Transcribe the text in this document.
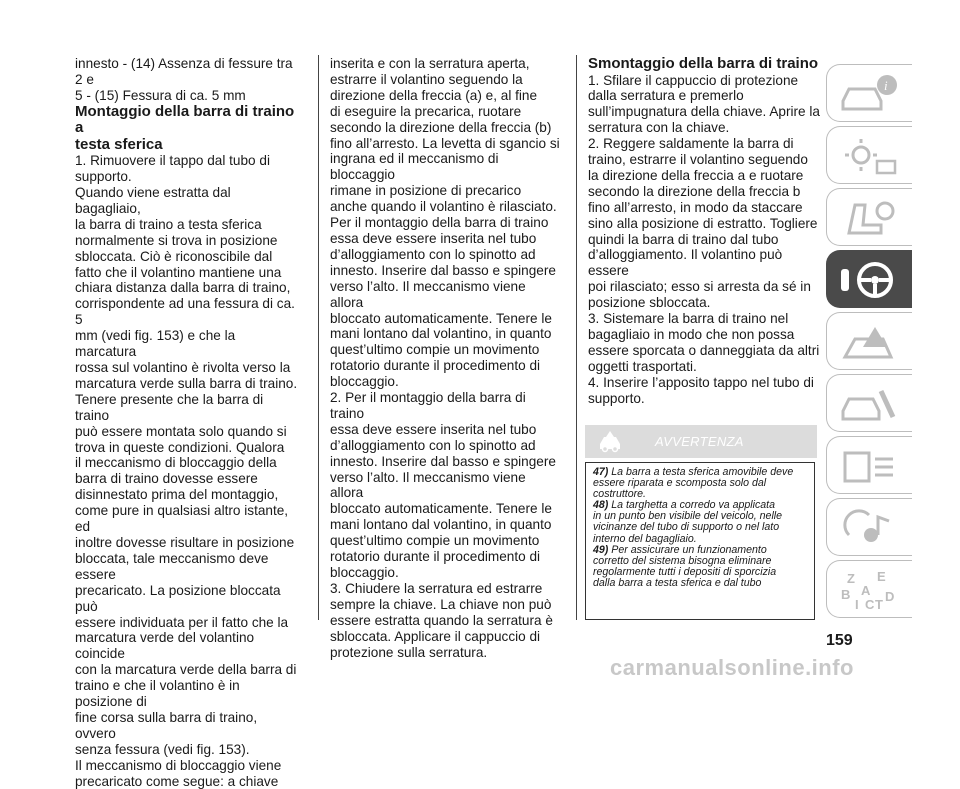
innesto - (14) Assenza di fessure tra 2 e
5 - (15) Fessura di ca. 5 mm

Montaggio della barra di traino a
testa sferica

1. Rimuovere il tappo dal tubo di
supporto.
Quando viene estratta dal bagagliaio,
la barra di traino a testa sferica
normalmente si trova in posizione
sbloccata. Ciò è riconoscibile dal
fatto che il volantino mantiene una
chiara distanza dalla barra di traino,
corrispondente ad una fessura di ca. 5
mm (vedi fig. 153) e che la marcatura
rossa sul volantino è rivolta verso la
marcatura verde sulla barra di traino.
Tenere presente che la barra di traino
può essere montata solo quando si
trova in queste condizioni. Qualora
il meccanismo di bloccaggio della
barra di traino dovesse essere
disinnestato prima del montaggio,
come pure in qualsiasi altro istante, ed
inoltre dovesse risultare in posizione
bloccata, tale meccanismo deve essere
precaricato. La posizione bloccata può
essere individuata per il fatto che la
marcatura verde del volantino coincide
con la marcatura verde della barra di
traino e che il volantino è in posizione di
fine corsa sulla barra di traino, ovvero
senza fessura (vedi fig. 153).
Il meccanismo di bloccaggio viene
precaricato come segue: a chiave

inserita e con la serratura aperta,
estrarre il volantino seguendo la
direzione della freccia (a) e, al fine
di eseguire la precarica, ruotare
secondo la direzione della freccia (b)
fino all’arresto. La levetta di sgancio si
ingrana ed il meccanismo di bloccaggio
rimane in posizione di precarico
anche quando il volantino è rilasciato.
Per il montaggio della barra di traino
essa deve essere inserita nel tubo
d’alloggiamento con lo spinotto ad
innesto. Inserire dal basso e spingere
verso l’alto. Il meccanismo viene allora
bloccato automaticamente. Tenere le
mani lontano dal volantino, in quanto
quest’ultimo compie un movimento
rotatorio durante il procedimento di
bloccaggio.
2. Per il montaggio della barra di traino
essa deve essere inserita nel tubo
d’alloggiamento con lo spinotto ad
innesto. Inserire dal basso e spingere
verso l’alto. Il meccanismo viene allora
bloccato automaticamente. Tenere le
mani lontano dal volantino, in quanto
quest’ultimo compie un movimento
rotatorio durante il procedimento di
bloccaggio.
3. Chiudere la serratura ed estrarre
sempre la chiave. La chiave non può
essere estratta quando la serratura è
sbloccata. Applicare il cappuccio di
protezione sulla serratura.

Smontaggio della barra di traino

1. Sfilare il cappuccio di protezione
dalla serratura e premerlo
sull’impugnatura della chiave. Aprire la
serratura con la chiave.
2. Reggere saldamente la barra di
traino, estrarre il volantino seguendo
la direzione della freccia a e ruotare
secondo la direzione della freccia b
fino all’arresto, in modo da staccare
sino alla posizione di estratto. Togliere
quindi la barra di traino dal tubo
d’alloggiamento. Il volantino può essere
poi rilasciato; esso si arresta da sé in
posizione sbloccata.
3. Sistemare la barra di traino nel
bagagliaio in modo che non possa
essere sporcata o danneggiata da altri
oggetti trasportati.
4. Inserire l’apposito tappo nel tubo di
supporto.

AVVERTENZA

47) La barra a testa sferica amovibile deve
essere riparata e scomposta solo dal
costruttore.

48) La targhetta a corredo va applicata
in un punto ben visibile del veicolo, nelle
vicinanze del tubo di supporto o nel lato
interno del bagagliaio.

49) Per assicurare un funzionamento
corretto del sistema bisogna eliminare
regolarmente tutti i depositi di sporcizia
dalla barra a testa sferica e dal tubo

159
carmanualsonline.info
i
Z E
A
B	D
I C T
